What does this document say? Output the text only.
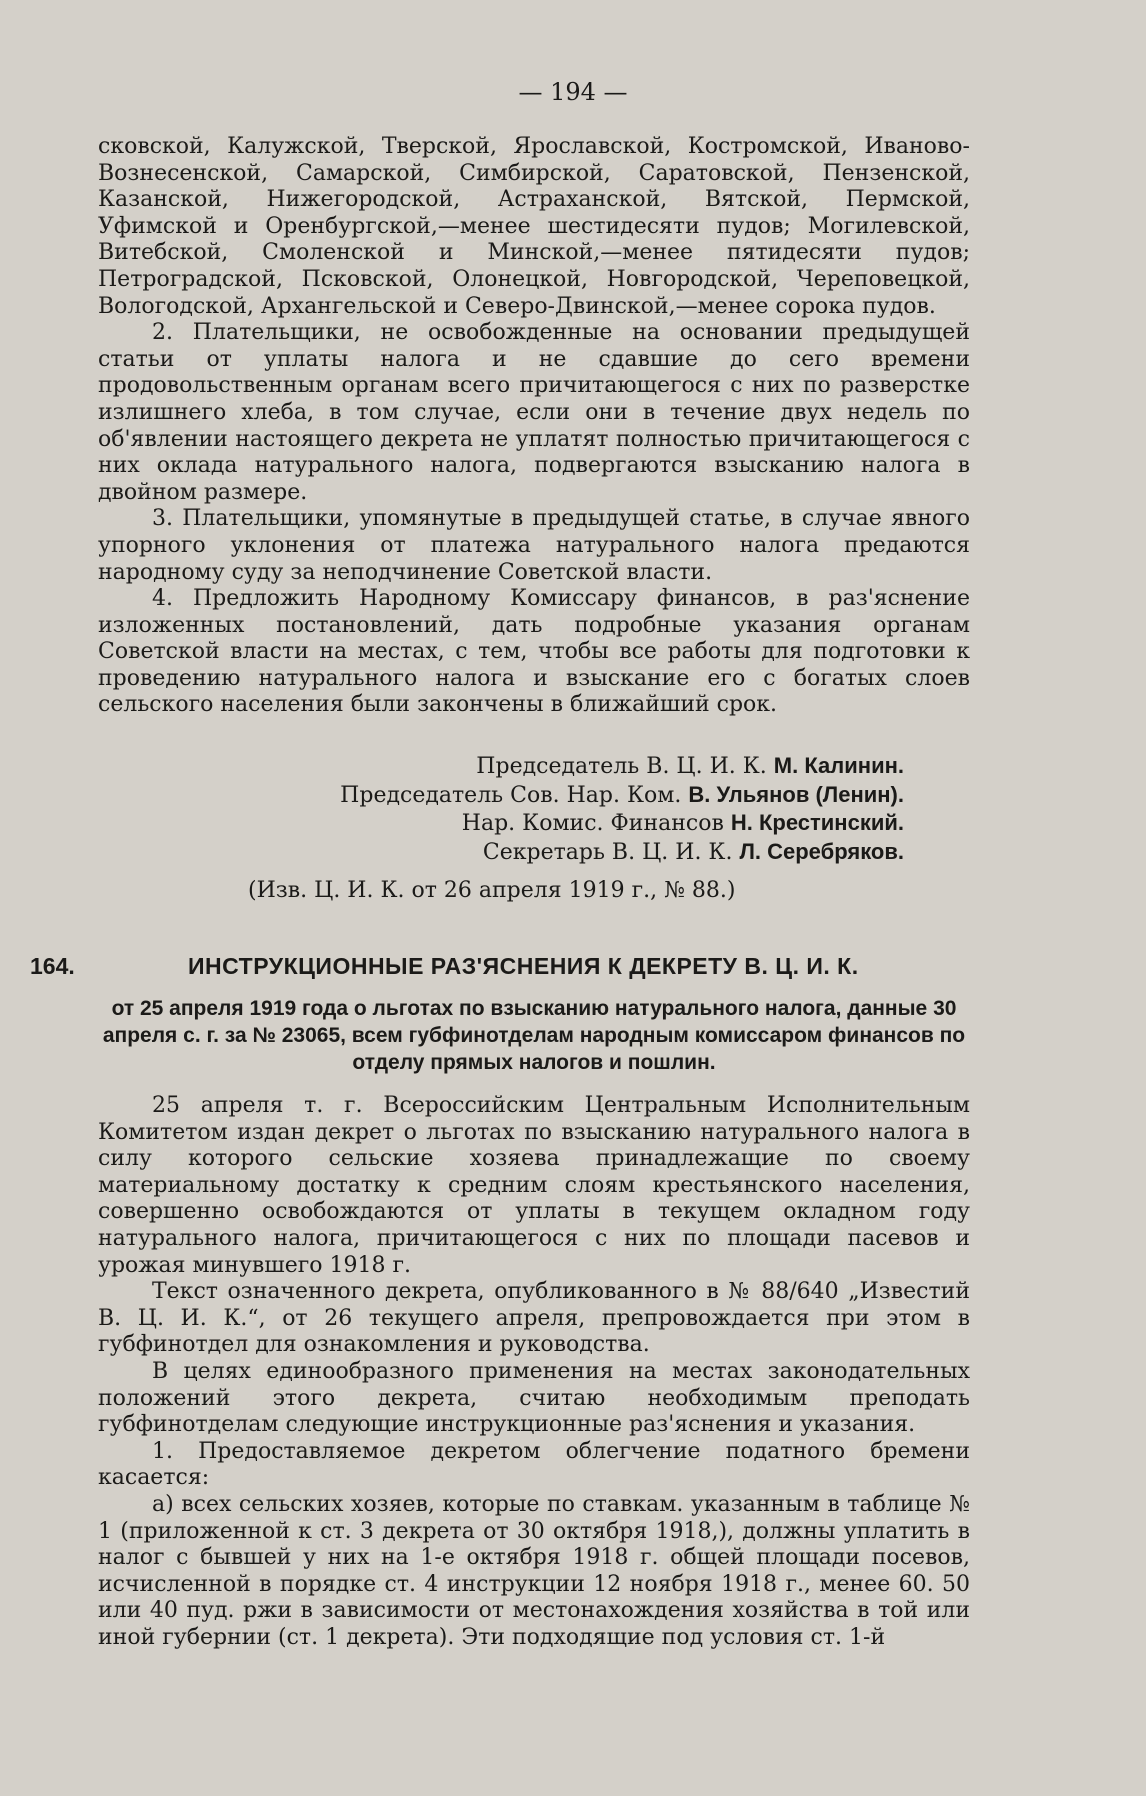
— 194 —

сковской, Калужской, Тверской, Ярославской, Костромской, Иваново-Вознесенской, Самарской, Симбирской, Саратовской, Пензенской, Казанской, Нижегородской, Астраханской, Вятской, Пермской, Уфимской и Оренбургской,—менее шестидесяти пудов; Могилевской, Витебской, Смоленской и Минской,—менее пятидесяти пудов; Петроградской, Псковской, Олонецкой, Новгородской, Череповецкой, Вологодской, Архангельской и Северо-Двинской,—менее сорока пудов.

2. Плательщики, не освобожденные на основании предыдущей статьи от уплаты налога и не сдавшие до сего времени продовольственным органам всего причитающегося с них по разверстке излишнего хлеба, в том случае, если они в течение двух недель по об'явлении настоящего декрета не уплатят полностью причитающегося с них оклада натурального налога, подвергаются взысканию налога в двойном размере.

3. Плательщики, упомянутые в предыдущей статье, в случае явного упорного уклонения от платежа натурального налога предаются народному суду за неподчинение Советской власти.

4. Предложить Народному Комиссару финансов, в раз'яснение изложенных постановлений, дать подробные указания органам Советской власти на местах, с тем, чтобы все работы для подготовки к проведению натурального налога и взыскание его с богатых слоев сельского населения были закончены в ближайший срок.

Председатель В. Ц. И. К. М. Калинин.
Председатель Сов. Нар. Ком. В. Ульянов (Ленин).
Нар. Комис. Финансов Н. Крестинский.
Секретарь В. Ц. И. К. Л. Серебряков.
(Изв. Ц. И. К. от 26 апреля 1919 г., № 88.)
164.	ИНСТРУКЦИОННЫЕ РАЗ'ЯСНЕНИЯ К ДЕКРЕТУ В. Ц. И. К.
от 25 апреля 1919 года о льготах по взысканию натурального налога, данные 30 апреля с. г. за № 23065, всем губфинотделам народным комиссаром финансов по отделу прямых налогов и пошлин.

25 апреля т. г. Всероссийским Центральным Исполнительным Комитетом издан декрет о льготах по взысканию натурального налога в силу которого сельские хозяева принадлежащие по своему материальному достатку к средним слоям крестьянского населения, совершенно освобождаются от уплаты в текущем окладном году натурального налога, причитающегося с них по площади пасевов и урожая минувшего 1918 г.

Текст означенного декрета, опубликованного в № 88/640 „Известий В. Ц. И. К.“, от 26 текущего апреля, препровождается при этом в губфинотдел для ознакомления и руководства.

В целях единообразного применения на местах законодательных положений этого декрета, считаю необходимым преподать губфинотделам следующие инструкционные раз'яснения и указания.

1. Предоставляемое декретом облегчение податного бремени касается:

а) всех сельских хозяев, которые по ставкам. указанным в таблице № 1 (приложенной к ст. 3 декрета от 30 октября 1918,), должны уплатить в налог с бывшей у них на 1-е октября 1918 г. общей площади посевов, исчисленной в порядке ст. 4 инструкции 12 ноября 1918 г., менее 60. 50 или 40 пуд. ржи в зависимости от местонахождения хозяйства в той или иной губернии (ст. 1 декрета). Эти подходящие под условия ст. 1-й
